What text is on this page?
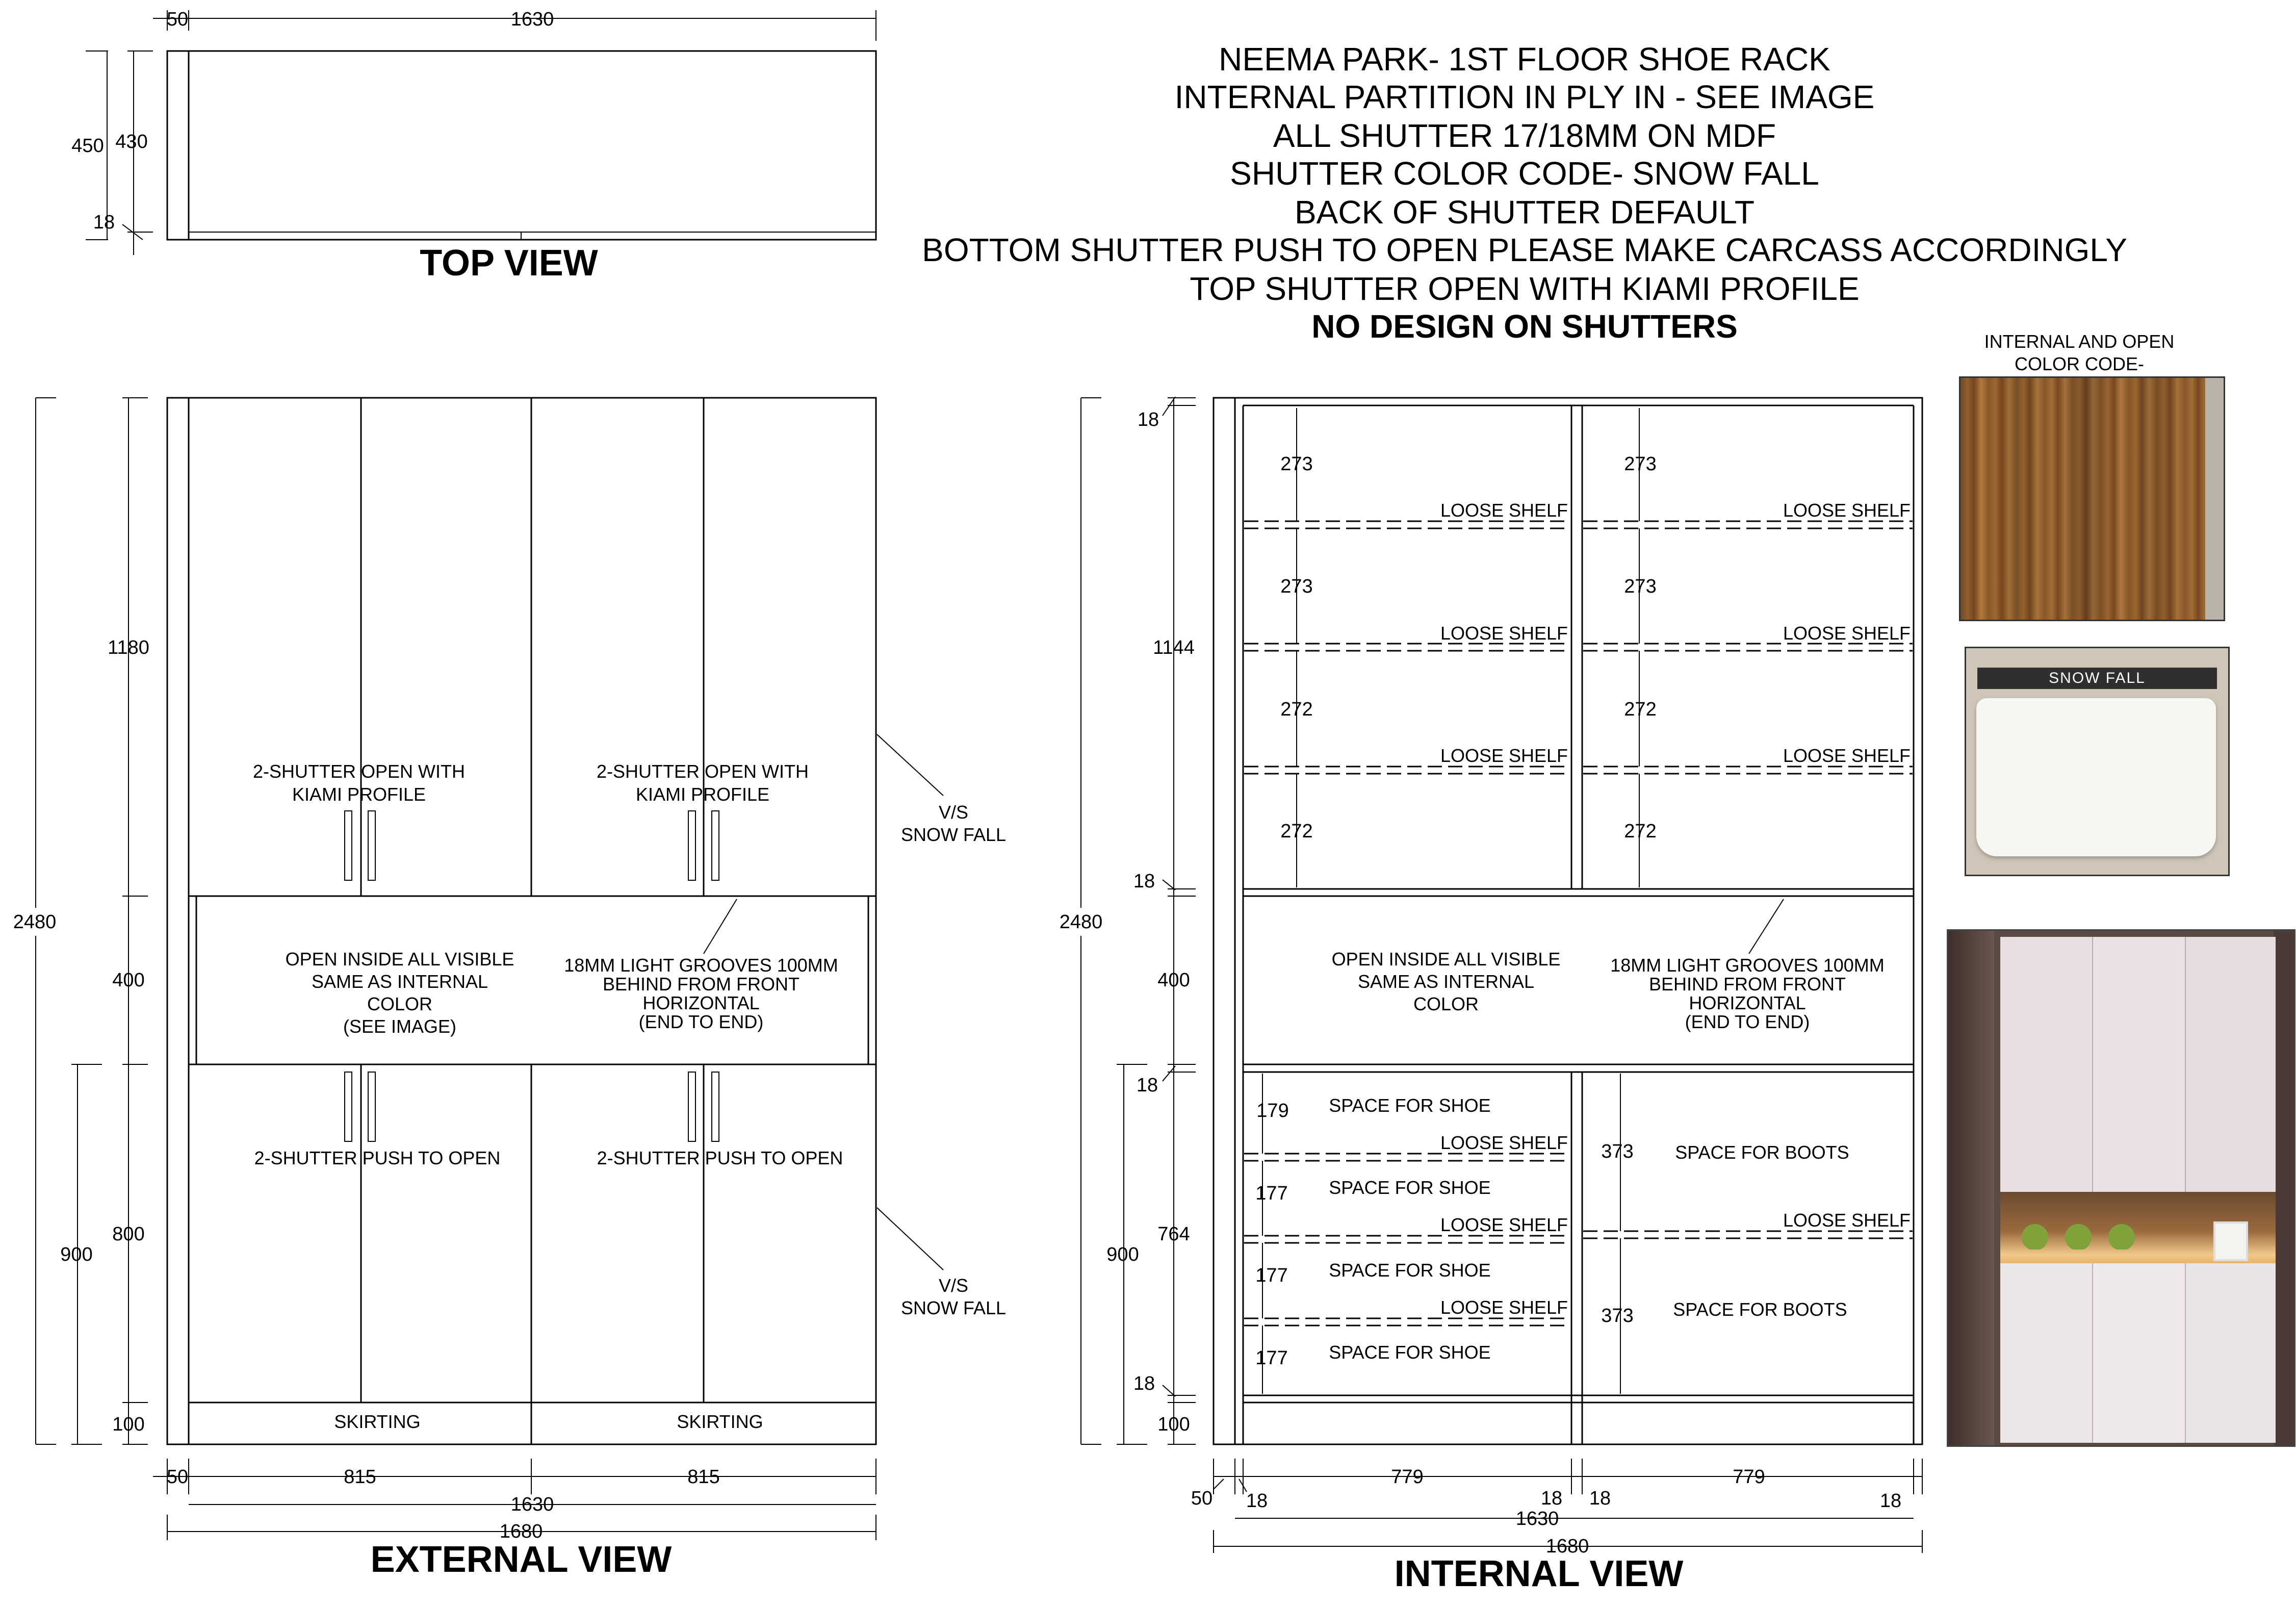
NEEMA PARK- 1ST FLOOR SHOE RACK
INTERNAL PARTITION IN PLY IN - SEE IMAGE
ALL SHUTTER 17/18MM ON MDF
SHUTTER COLOR CODE- SNOW FALL
BACK OF SHUTTER DEFAULT
BOTTOM SHUTTER PUSH TO OPEN PLEASE MAKE CARCASS ACCORDINGLY
TOP SHUTTER OPEN WITH KIAMI PROFILE
NO DESIGN ON SHUTTERS
50	1630
450 430
18
TOP VIEW
2-SHUTTER OPEN WITH
KIAMI PROFILE
2-SHUTTER OPEN WITH
KIAMI PROFILE
OPEN INSIDE ALL VISIBLE
SAME AS INTERNAL
COLOR
(SEE IMAGE)
18MM LIGHT GROOVES 100MM
BEHIND FROM FRONT
HORIZONTAL
(END TO END)
2-SHUTTER PUSH TO OPEN	2-SHUTTER PUSH TO OPEN
SKIRTING	SKIRTING
V/S
SNOW FALL
V/S
SNOW FALL
2480
1180
400
800
100
900
50	815	815
1630
1680
EXTERNAL VIEW
LOOSE SHELF	LOOSE SHELF
LOOSE SHELF	LOOSE SHELF
LOOSE SHELF	LOOSE SHELF
273
273
272
272
273
273
272
272
OPEN INSIDE ALL VISIBLE
SAME AS INTERNAL
COLOR
18MM LIGHT GROOVES 100MM
BEHIND FROM FRONT
HORIZONTAL
(END TO END)
LOOSE SHELF
LOOSE SHELF
LOOSE SHELF
SPACE FOR SHOE
SPACE FOR SHOE
SPACE FOR SHOE
SPACE FOR SHOE
179
177
177
177
LOOSE SHELF
SPACE FOR BOOTS
SPACE FOR BOOTS
373
373
2480
18
1144
18
400
18
764
18
100
900
779	779
50 18	18 18	18
1630
1680
INTERNAL VIEW
INTERNAL AND OPEN
COLOR CODE-
SNOW FALL
